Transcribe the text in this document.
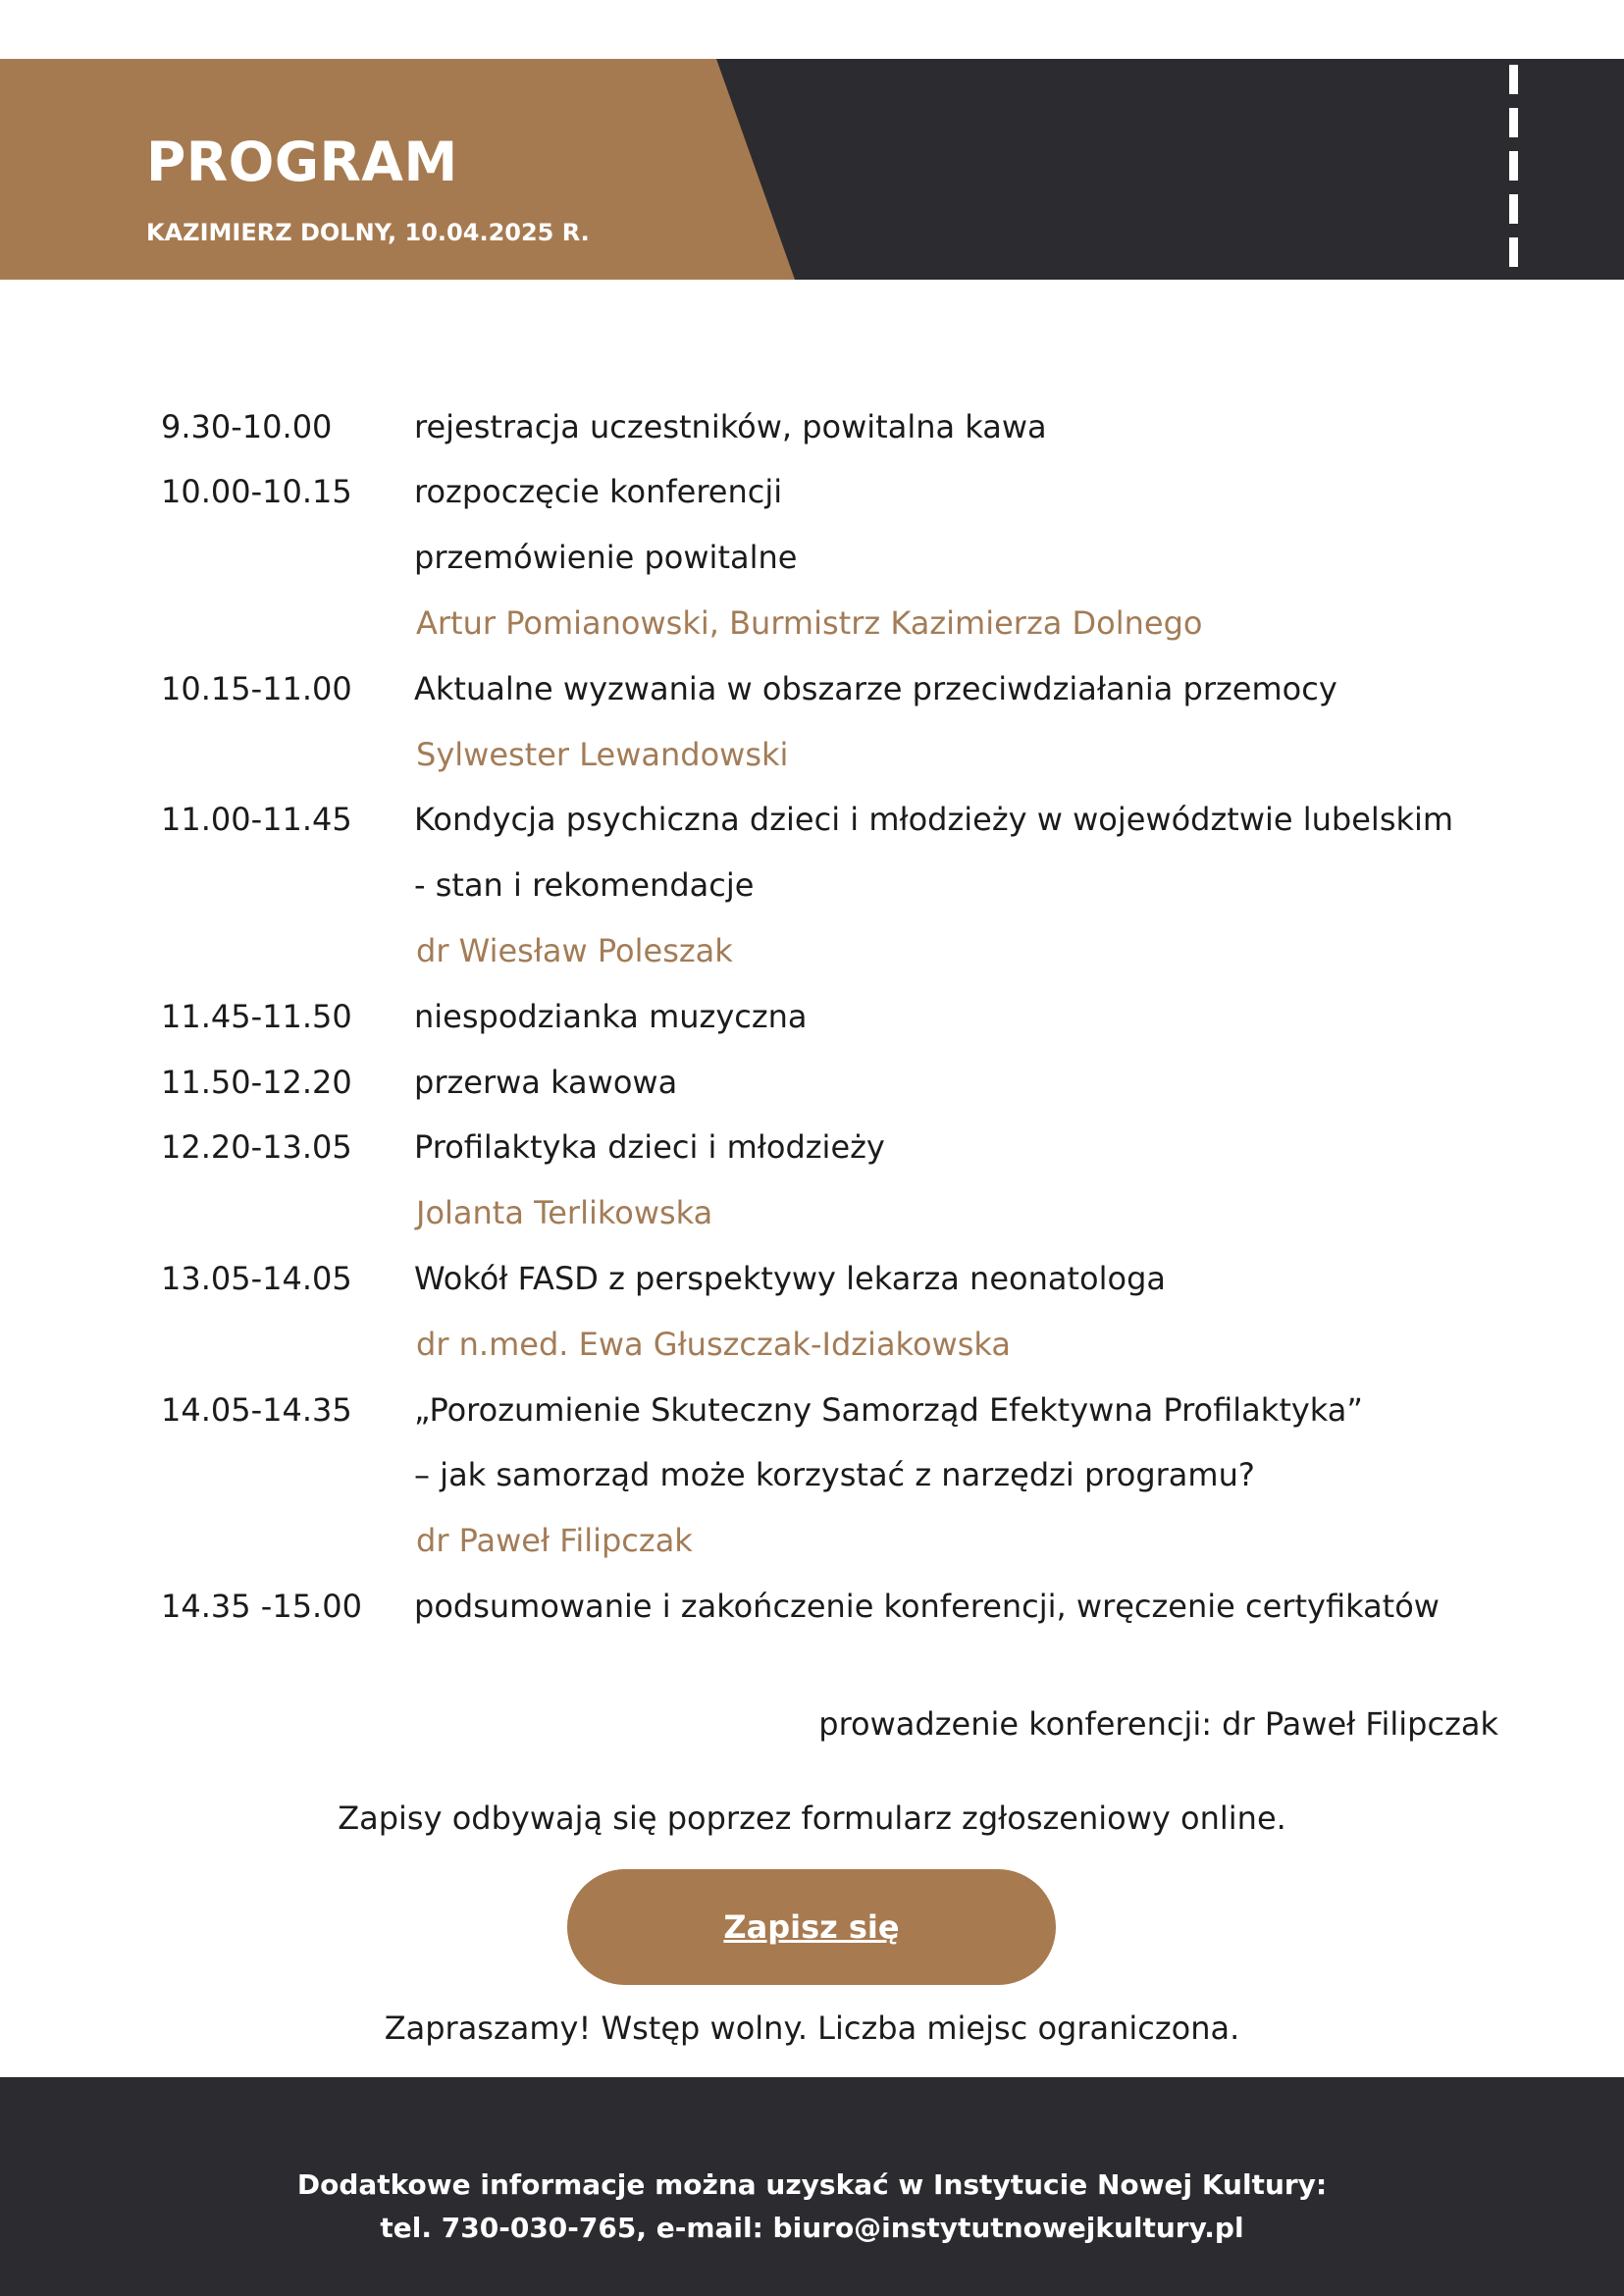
PROGRAM
KAZIMIERZ DOLNY, 10.04.2025 R.
9.30-10.00	rejestracja uczestników, powitalna kawa
10.00-10.15 rozpoczęcie konferencji
przemówienie powitalne
Artur Pomianowski, Burmistrz Kazimierza Dolnego
10.15-11.00 Aktualne wyzwania w obszarze przeciwdziałania przemocy
Sylwester Lewandowski
11.00-11.45 Kondycja psychiczna dzieci i młodzieży w województwie lubelskim
- stan i rekomendacje
dr Wiesław Poleszak
11.45-11.50 niespodzianka muzyczna
11.50-12.20 przerwa kawowa
12.20-13.05 Profilaktyka dzieci i młodzieży
Jolanta Terlikowska
13.05-14.05 Wokół FASD z perspektywy lekarza neonatologa
dr n.med. Ewa Głuszczak-Idziakowska
14.05-14.35 „Porozumienie Skuteczny Samorząd Efektywna Profilaktyka”
– jak samorząd może korzystać z narzędzi programu?
dr Paweł Filipczak
14.35 -15.00 podsumowanie i zakończenie konferencji, wręczenie certyfikatów
prowadzenie konferencji: dr Paweł Filipczak
Zapisy odbywają się poprzez formularz zgłoszeniowy online.
Zapisz się
Zapraszamy! Wstęp wolny. Liczba miejsc ograniczona.
Dodatkowe informacje można uzyskać w Instytucie Nowej Kultury:
tel. 730-030-765, e-mail: biuro@instytutnowejkultury.pl
